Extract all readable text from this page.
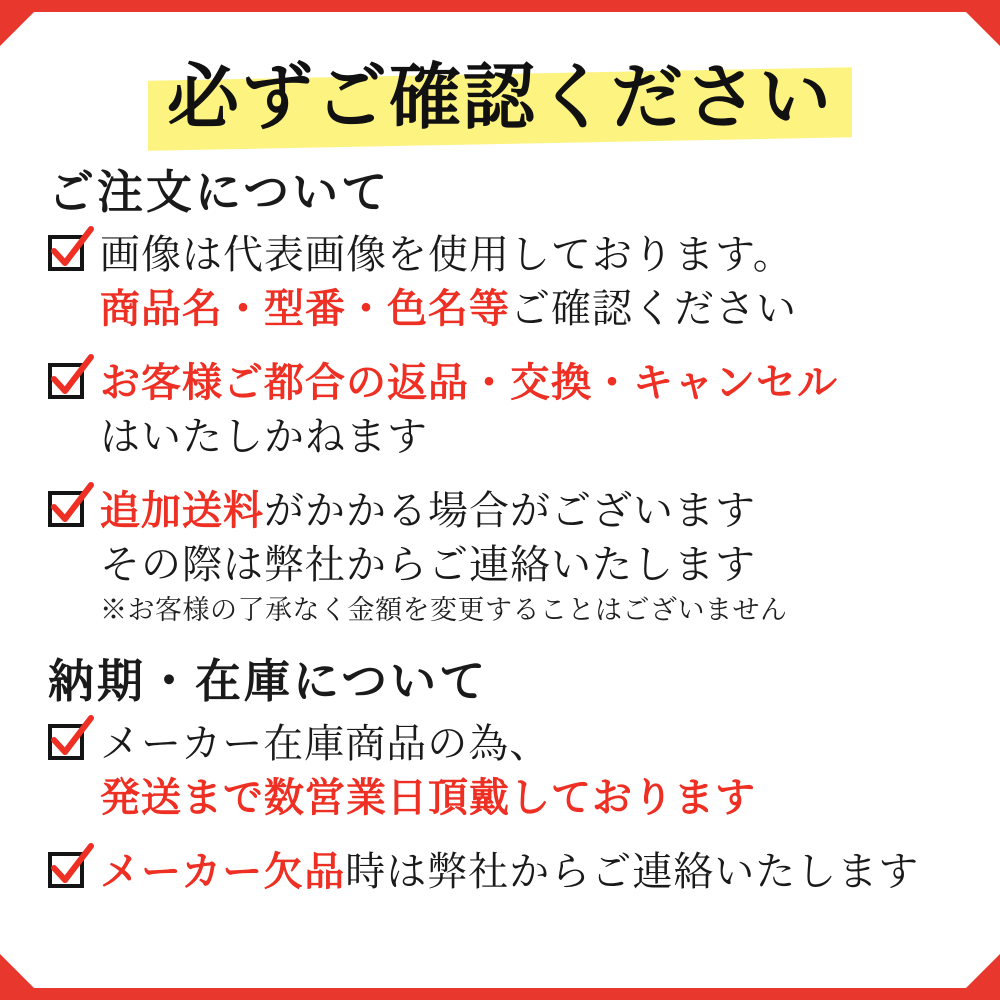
必ずご確認ください
ご注文について
画像は代表画像を使用しております。 商品名・型番・色名等ご確認ください
お客様ご都合の返品・交換・キャンセル はいたしかねます
追加送料がかかる場合がございます その際は弊社からご連絡いたします ※お客様の了承なく金額を変更することはございません
納期・在庫について
メーカー在庫商品の為、 発送まで数営業日頂戴しております
メーカー欠品時は弊社からご連絡いたします
